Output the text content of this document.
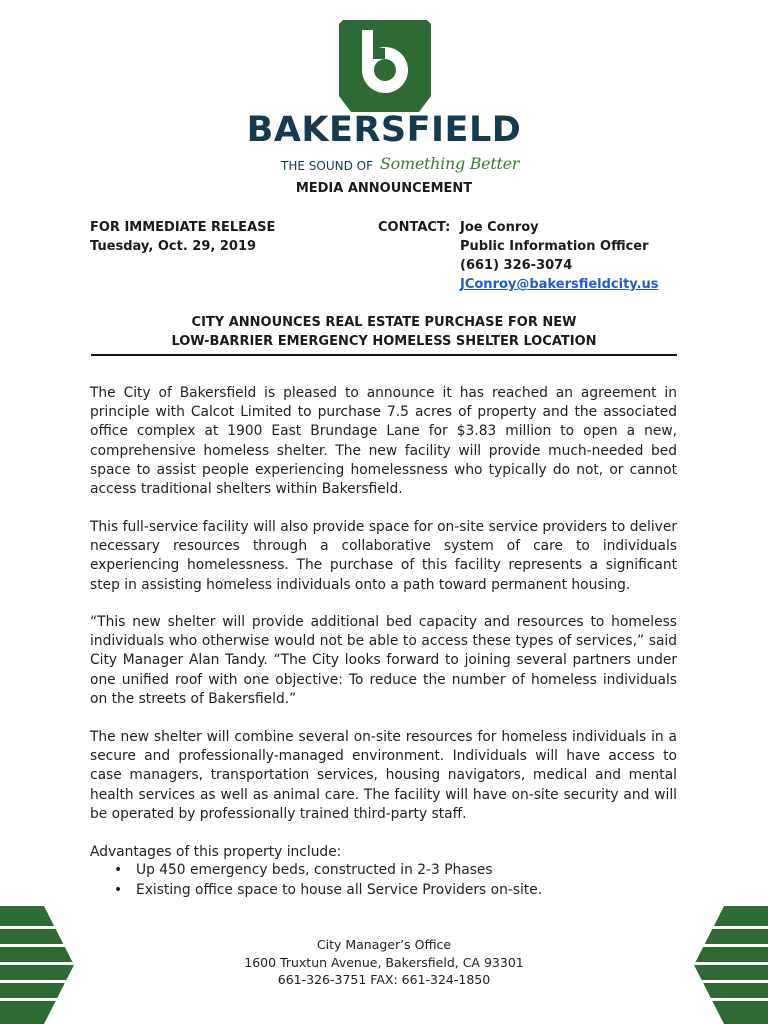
BAKERSFIELD
THE SOUND OF Something Better
MEDIA ANNOUNCEMENT
FOR IMMEDIATE RELEASE
Tuesday, Oct. 29, 2019
CONTACT: Joe Conroy
Public Information Officer
(661) 326-3074
JConroy@bakersfieldcity.us
CITY ANNOUNCES REAL ESTATE PURCHASE FOR NEW
LOW-BARRIER EMERGENCY HOMELESS SHELTER LOCATION
The City of Bakersfield is pleased to announce it has reached an agreement in principle with Calcot Limited to purchase 7.5 acres of property and the associated office complex at 1900 East Brundage Lane for $3.83 million to open a new, comprehensive homeless shelter. The new facility will provide much-needed bed space to assist people experiencing homelessness who typically do not, or cannot access traditional shelters within Bakersfield.
This full-service facility will also provide space for on-site service providers to deliver necessary resources through a collaborative system of care to individuals experiencing homelessness. The purchase of this facility represents a significant step in assisting homeless individuals onto a path toward permanent housing.
“This new shelter will provide additional bed capacity and resources to homeless individuals who otherwise would not be able to access these types of services,” said City Manager Alan Tandy. “The City looks forward to joining several partners under one unified roof with one objective: To reduce the number of homeless individuals on the streets of Bakersfield.”
The new shelter will combine several on-site resources for homeless individuals in a secure and professionally-managed environment. Individuals will have access to case managers, transportation services, housing navigators, medical and mental health services as well as animal care. The facility will have on-site security and will be operated by professionally trained third-party staff.
Advantages of this property include:
• Up 450 emergency beds, constructed in 2-3 Phases
• Existing office space to house all Service Providers on-site.
City Manager’s Office
1600 Truxtun Avenue, Bakersfield, CA 93301
661-326-3751 FAX: 661-324-1850
